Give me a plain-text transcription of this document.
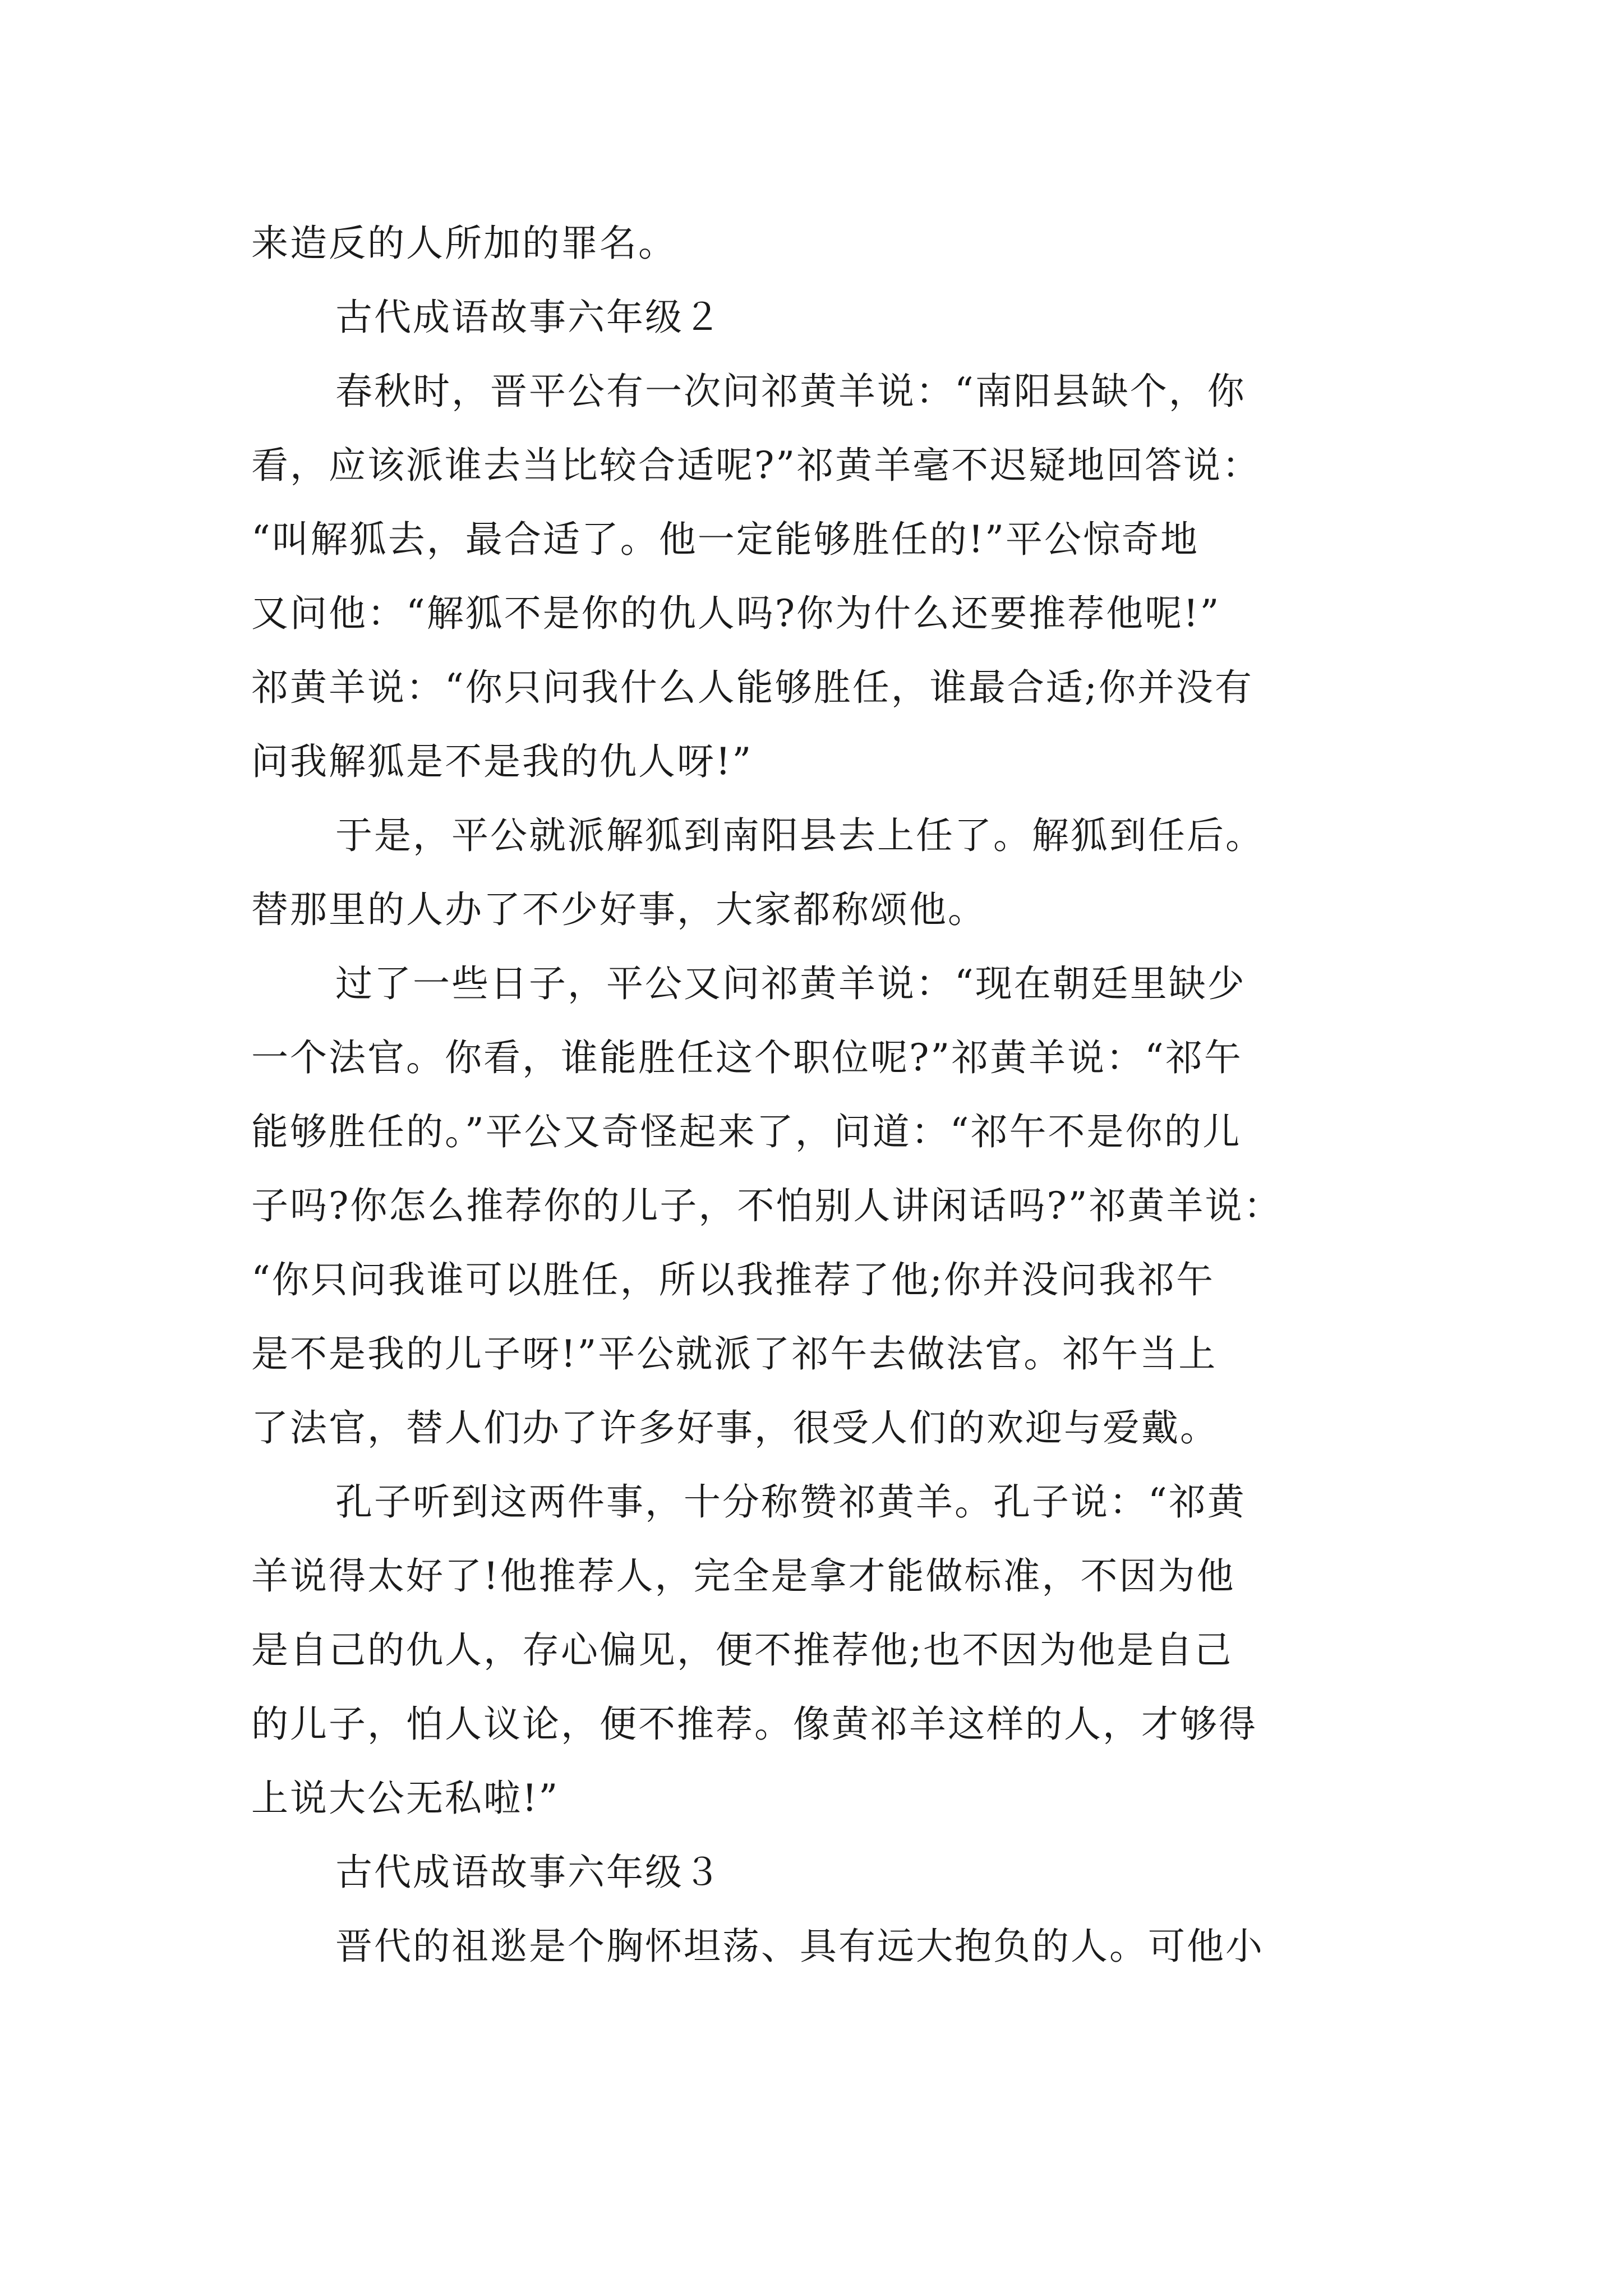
来造反的人所加的罪名。
古代成语故事六年级２
春秋时，晋平公有一次问祁黄羊说：“南阳县缺个，你
看，应该派谁去当比较合适呢?”祁黄羊毫不迟疑地回答说：
“叫解狐去，最合适了。他一定能够胜任的!”平公惊奇地
又问他：“解狐不是你的仇人吗?你为什么还要推荐他呢!”
祁黄羊说：“你只问我什么人能够胜任，谁最合适;你并没有
问我解狐是不是我的仇人呀!”
于是，平公就派解狐到南阳县去上任了。解狐到任后。
替那里的人办了不少好事，大家都称颂他。
过了一些日子，平公又问祁黄羊说：“现在朝廷里缺少
一个法官。你看，谁能胜任这个职位呢?”祁黄羊说：“祁午
能够胜任的。”平公又奇怪起来了，问道：“祁午不是你的儿
子吗?你怎么推荐你的儿子，不怕别人讲闲话吗?”祁黄羊说：
“你只问我谁可以胜任，所以我推荐了他;你并没问我祁午
是不是我的儿子呀!”平公就派了祁午去做法官。祁午当上
了法官，替人们办了许多好事，很受人们的欢迎与爱戴。
孔子听到这两件事，十分称赞祁黄羊。孔子说：“祁黄
羊说得太好了!他推荐人，完全是拿才能做标准，不因为他
是自己的仇人，存心偏见，便不推荐他;也不因为他是自己
的儿子，怕人议论，便不推荐。像黄祁羊这样的人，才够得
上说大公无私啦!”
古代成语故事六年级３
晋代的祖逖是个胸怀坦荡、具有远大抱负的人。可他小
